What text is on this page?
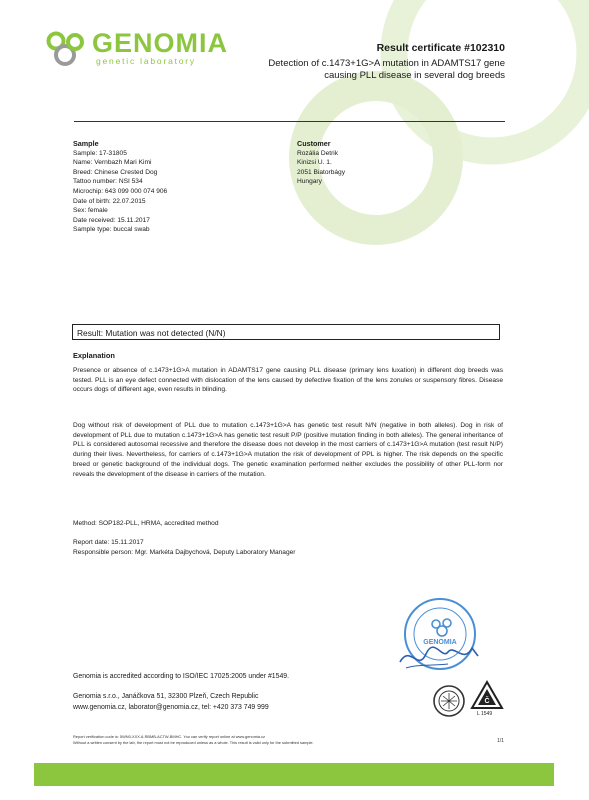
GENOMIA
genetic laboratory
Result certificate #102310
Detection of c.1473+1G>A mutation in ADAMTS17 gene causing PLL disease in several dog breeds
Sample
Sample: 17-31805
Name: Vernbazh Mari Kimi
Breed: Chinese Crested Dog
Tattoo number: NSI 534
Microchip: 643 099 000 074 906
Date of birth: 22.07.2015
Sex: female
Date received: 15.11.2017
Sample type: buccal swab
Customer
Rozália Detrik
Kinizsi U. 1.
2051 Biatorbágy
Hungary
Result: Mutation was not detected (N/N)
Explanation
Presence or absence of c.1473+1G>A mutation in ADAMTS17 gene causing PLL disease (primary lens luxation) in different dog breeds was tested. PLL is an eye defect connected with dislocation of the lens caused by defective fixation of the lens zonules or suspensory fibres. Disease occurs dogs of different age, even results in blinding.
Dog without risk of development of PLL due to mutation c.1473+1G>A has genetic test result N/N (negative in both alleles). Dog in risk of development of PLL due to mutation c.1473+1G>A has genetic test result P/P (positive mutation finding in both alleles). The general inheritance of PLL is considered autosomal recessive and therefore the disease does not develop in the most carriers of c.1473+1G>A mutation (test result N/P) during their lives. Nevertheless, for carriers of c.1473+1G>A mutation the risk of development of PPL is higher. The risk depends on the specific breed or genetic background of the individual dogs. The genetic examination performed neither excludes the possibility of other PLL-form nor reveals the development of the disease in carriers of the mutation.
Method: SOP182-PLL, HRMA, accredited method
Report date: 15.11.2017
Responsible person: Mgr. Markéta Dajbychová, Deputy Laboratory Manager
GENOMIA
Genomia is accredited according to ISO/IEC 17025:2005 under #1549.
Genomia s.r.o., Janáčkova 51, 32300 Plzeň, Czech Republic
www.genomia.cz, laborator@genomia.cz, tel: +420 373 749 999
Č
L 1549
Report verification code is: 5WN0-XXX-6-RBMB-ACTW-BMHC. You can verify report online at www.genomia.cz
Without a written consent by the lab, the report must not be reproduced unless as a whole. This result is valid only for the submitted sample.	1/1
